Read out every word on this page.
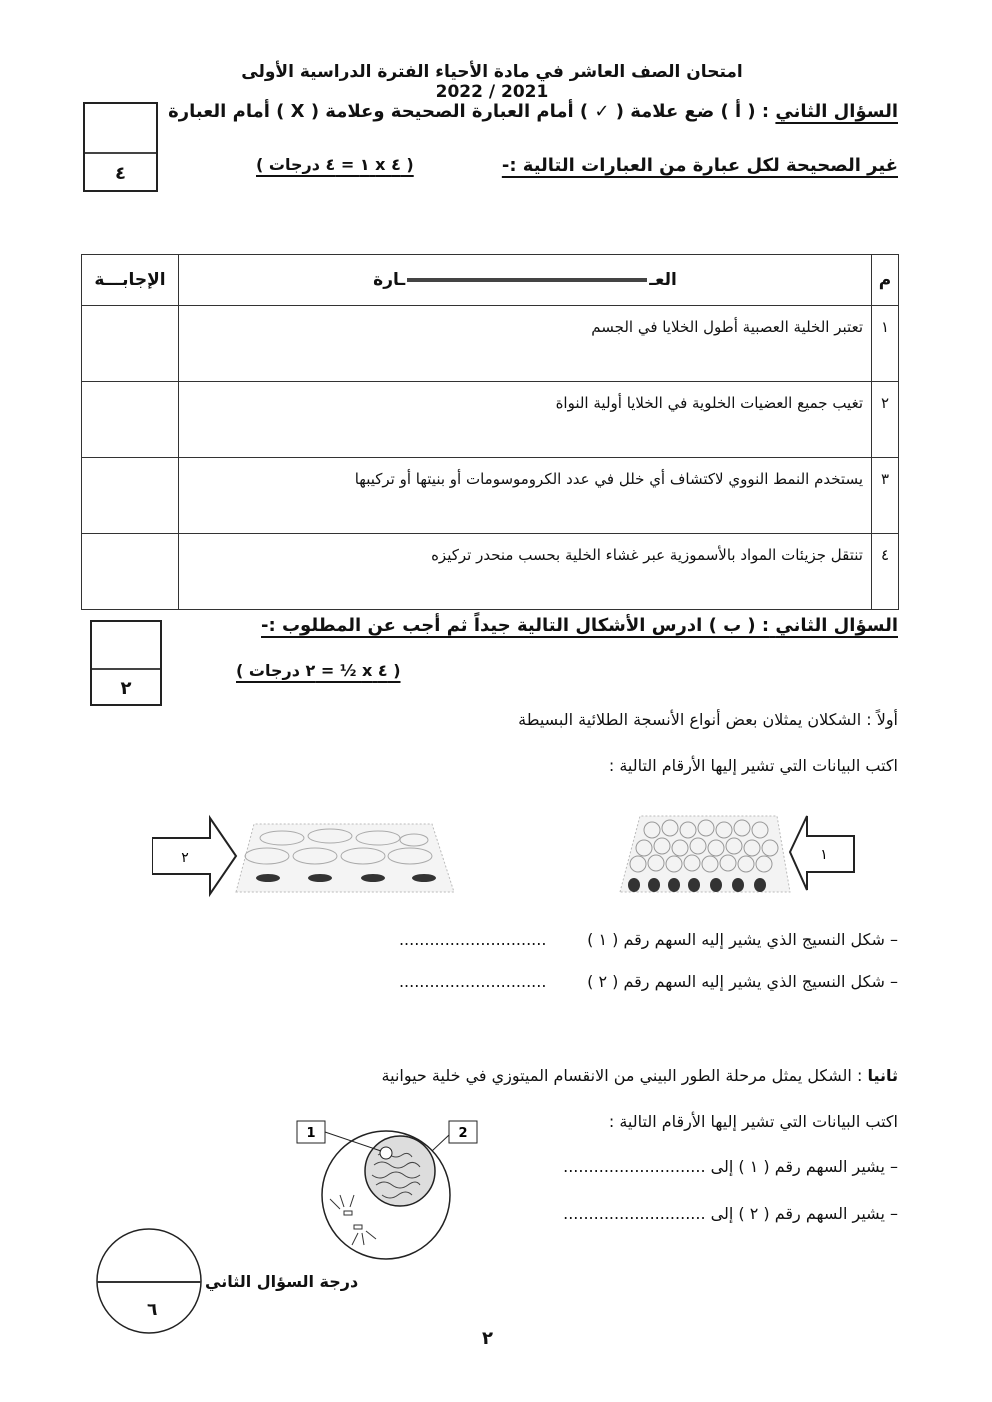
امتحان الصف العاشر في مادة الأحياء الفترة الدراسية الأولى 2021 / 2022
٤
السؤال الثاني : ( أ ) ضع علامة ( ✓ ) أمام العبارة الصحيحة وعلامة ( X ) أمام العبارة
غير الصحيحة لكل عبارة من العبارات التالية :-
( ٤ x ١ = ٤ درجات )
م	العــارة	الإجابـــة
١	تعتبر الخلية العصبية أطول الخلايا في الجسم	
٢	تغيب جميع العضيات الخلوية في الخلايا أولية النواة	
٣	يستخدم النمط النووي لاكتشاف أي خلل في عدد الكروموسومات أو بنيتها أو تركيبها	
٤	تنتقل جزيئات المواد بالأسموزية عبر غشاء الخلية بحسب منحدر تركيزه	
٢
السؤال الثاني : ( ب ) ادرس الأشكال التالية جيداً ثم أجب عن المطلوب :-
( ٤ x ½ = ٢ درجات )
أولاً : الشكلان يمثلان بعض أنواع الأنسجة الطلائية البسيطة
اكتب البيانات التي تشير إليها الأرقام التالية :
١
٢
– شكل النسيج الذي يشير إليه السهم رقم ( ١ )        .............................
– شكل النسيج الذي يشير إليه السهم رقم ( ٢ )        .............................
ثانيا : الشكل يمثل مرحلة الطور البيني من الانقسام الميتوزي في خلية حيوانية
اكتب البيانات التي تشير إليها الأرقام التالية :
– يشير السهم رقم ( ١ ) إلى ............................
– يشير السهم رقم ( ٢ ) إلى ............................
1	2
درجة السؤال الثاني
٦
٢
